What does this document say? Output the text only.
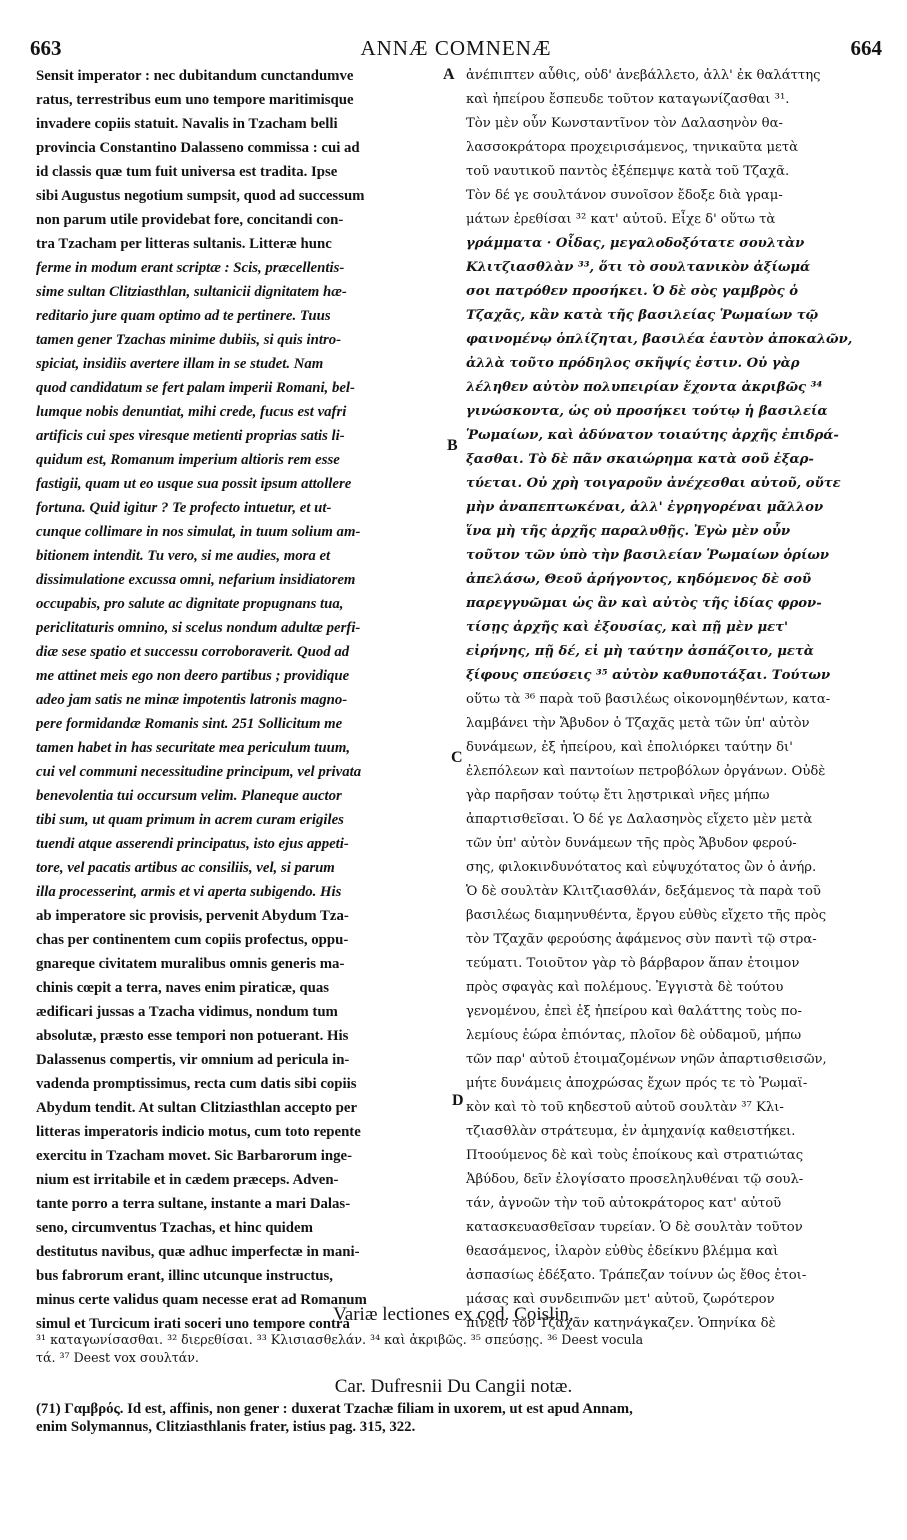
663	ANNÆ COMNENÆ	664
Sensit imperator : nec dubitandum cunctandumve
ratus, terrestribus eum uno tempore maritimisque
invadere copiis statuit. Navalis in Tzacham belli
provincia Constantino Dalasseno commissa : cui ad
id classis quæ tum fuit universa est tradita. Ipse
sibi Augustus negotium sumpsit, quod ad successum
non parum utile providebat fore, concitandi con-
tra Tzacham per litteras sultanis. Litteræ hunc
ferme in modum erant scriptæ : Scis, præcellentis-
sime sultan Clitziasthlan, sultanicii dignitatem hæ-
reditario jure quam optimo ad te pertinere. Tuus
tamen gener Tzachas minime dubiis, si quis intro-
spiciat, insidiis avertere illam in se studet. Nam
quod candidatum se fert palam imperii Romani, bel-
lumque nobis denuntiat, mihi crede, fucus est vafri
artificis cui spes viresque metienti proprias satis li-
quidum est, Romanum imperium altioris rem esse
fastigii, quam ut eo usque sua possit ipsum attollere
fortuna. Quid igitur ? Te profecto intuetur, et ut-
cunque collimare in nos simulat, in tuum solium am-
bitionem intendit. Tu vero, si me audies, mora et
dissimulatione excussa omni, nefarium insidiatorem
occupabis, pro salute ac dignitate propugnans tua,
periclitaturis omnino, si scelus nondum adultæ perfi-
diæ sese spatio et successu corroboraverit. Quod ad
me attinet meis ego non deero partibus ; providique
adeo jam satis ne minæ impotentis latronis magno-
pere formidandæ Romanis sint. 251 Sollicitum me
tamen habet in has securitate mea periculum tuum,
cui vel communi necessitudine principum, vel privata
benevolentia tui occursum velim. Planeque auctor
tibi sum, ut quam primum in acrem curam erigiles
tuendi atque asserendi principatus, isto ejus appeti-
tore, vel pacatis artibus ac consiliis, vel, si parum
illa processerint, armis et vi aperta subigendo. His
ab imperatore sic provisis, pervenit Abydum Tza-
chas per continentem cum copiis profectus, oppu-
gnareque civitatem muralibus omnis generis ma-
chinis cœpit a terra, naves enim piraticæ, quas
ædificari jussas a Tzacha vidimus, nondum tum
absolutæ, præsto esse tempori non potuerant. His
Dalassenus compertis, vir omnium ad pericula in-
vadenda promptissimus, recta cum datis sibi copiis
Abydum tendit. At sultan Clitziasthlan accepto per
litteras imperatoris indicio motus, cum toto repente
exercitu in Tzacham movet. Sic Barbarorum inge-
nium est irritabile et in cædem præceps. Adven-
tante porro a terra sultane, instante a mari Dalas-
seno, circumventus Tzachas, et hinc quidem
destitutus navibus, quæ adhuc imperfectæ in mani-
bus fabrorum erant, illinc utcunque instructus,
minus certe validus quam necesse erat ad Romanum
simul et Turcicum irati soceri uno tempore contra
ἀνέπιπτεν αὖθις, οὐδ' ἀνεβάλλετο, ἀλλ' ἐκ θαλάττης
καὶ ἠπείρου ἔσπευδε τοῦτον καταγωνίζασθαι ³¹.
Τὸν μὲν οὖν Κωνσταντῖνον τὸν Δαλασηνὸν θα-
λασσοκράτορα προχειρισάμενος, τηνικαῦτα μετὰ
τοῦ ναυτικοῦ παντὸς ἐξέπεμψε κατὰ τοῦ Τζαχᾶ.
Τὸν δέ γε σουλτάνον συνοῖσον ἔδοξε διὰ γραμ-
μάτων ἐρεθίσαι ³² κατ' αὐτοῦ. Εἶχε δ' οὕτω τὰ
γράμματα · Οἶδας, μεγαλοδοξότατε σουλτὰν
Κλιτζιασθλὰν ³³, ὅτι τὸ σουλτανικὸν ἀξίωμά
σοι πατρόθεν προσήκει. Ὁ δὲ σὸς γαμβρὸς ὁ
Τζαχᾶς, κἂν κατὰ τῆς βασιλείας Ῥωμαίων τῷ
φαινομένῳ ὁπλίζηται, βασιλέα ἑαυτὸν ἀποκαλῶν,
ἀλλὰ τοῦτο πρόδηλος σκῆψίς ἐστιν. Οὐ γὰρ
λέληθεν αὐτὸν πολυπειρίαν ἔχοντα ἀκριβῶς ³⁴
γινώσκοντα, ὡς οὐ προσήκει τούτῳ ἡ βασιλεία
Ῥωμαίων, καὶ ἀδύνατον τοιαύτης ἀρχῆς ἐπιδρά-
ξασθαι. Τὸ δὲ πᾶν σκαιώρημα κατὰ σοῦ ἐξαρ-
τύεται. Οὐ χρὴ τοιγαροῦν ἀνέχεσθαι αὐτοῦ, οὔτε
μὴν ἀναπεπτωκέναι, ἀλλ' ἐγρηγορέναι μᾶλλον
ἵνα μὴ τῆς ἀρχῆς παραλυθῇς. Ἐγὼ μὲν οὖν
τοῦτον τῶν ὑπὸ τὴν βασιλείαν Ῥωμαίων ὁρίων
ἀπελάσω, Θεοῦ ἀρήγοντος, κηδόμενος δὲ σοῦ
παρεγγυῶμαι ὡς ἂν καὶ αὐτὸς τῆς ἰδίας φρον-
τίσῃς ἀρχῆς καὶ ἐξουσίας, καὶ πῇ μὲν μετ'
εἰρήνης, πῇ δέ, εἰ μὴ ταύτην ἀσπάζοιτο, μετὰ
ξίφους σπεύσεις ³⁵ αὐτὸν καθυποτάξαι. Τούτων
οὕτω τὰ ³⁶ παρὰ τοῦ βασιλέως οἰκονομηθέντων, κατα-
λαμβάνει τὴν Ἄβυδον ὁ Τζαχᾶς μετὰ τῶν ὑπ' αὐτὸν
δυνάμεων, ἐξ ἠπείρου, καὶ ἐπολιόρκει ταύτην δι'
ἐλεπόλεων καὶ παντοίων πετροβόλων ὀργάνων. Οὐδὲ
γὰρ παρῆσαν τούτῳ ἔτι λῃστρικαὶ νῆες μήπω
ἀπαρτισθεῖσαι. Ὁ δέ γε Δαλασηνὸς εἴχετο μὲν μετὰ
τῶν ὑπ' αὐτὸν δυνάμεων τῆς πρὸς Ἄβυδον φερού-
σης, φιλοκινδυνότατος καὶ εὐψυχότατος ὢν ὁ ἀνήρ.
Ὁ δὲ σουλτὰν Κλιτζιασθλάν, δεξάμενος τὰ παρὰ τοῦ
βασιλέως διαμηνυθέντα, ἔργου εὐθὺς εἴχετο τῆς πρὸς
τὸν Τζαχᾶν φερούσης ἀφάμενος σὺν παντὶ τῷ στρα-
τεύματι. Τοιοῦτον γὰρ τὸ βάρβαρον ἅπαν ἑτοιμον
πρὸς σφαγὰς καὶ πολέμους. Ἐγγιστὰ δὲ τούτου
γενομένου, ἐπεὶ ἐξ ἠπείρου καὶ θαλάττης τοὺς πο-
λεμίους ἑώρα ἐπιόντας, πλοῖον δὲ οὐδαμοῦ, μήπω
τῶν παρ' αὐτοῦ ἑτοιμαζομένων νηῶν ἀπαρτισθεισῶν,
μήτε δυνάμεις ἀποχρώσας ἔχων πρός τε τὸ Ῥωμαϊ-
κὸν καὶ τὸ τοῦ κηδεστοῦ αὐτοῦ σουλτὰν ³⁷ Κλι-
τζιασθλὰν στράτευμα, ἐν ἀμηχανίᾳ καθειστήκει.
Πτοούμενος δὲ καὶ τοὺς ἐποίκους καὶ στρατιώτας
Ἀβύδου, δεῖν ἐλογίσατο προσεληλυθέναι τῷ σουλ-
τάν, ἀγνοῶν τὴν τοῦ αὐτοκράτορος κατ' αὐτοῦ
κατασκευασθεῖσαν τυρείαν. Ὁ δὲ σουλτὰν τοῦτον
θεασάμενος, ἱλαρὸν εὐθὺς ἐδείκνυ βλέμμα καὶ
ἀσπασίως ἐδέξατο. Τράπεζαν τοίνυν ὡς ἔθος ἑτοι-
μάσας καὶ συνδειπνῶν μετ' αὐτοῦ, ζωρότερον
πίνειν τὸν Τζαχᾶν κατηνάγκαζεν. Ὁπηνίκα δὲ
A
B
C
D
Variæ lectiones ex cod. Coislin.
³¹ καταγωνίσασθαι. ³² διερεθίσαι. ³³ Κλισιασθελάν. ³⁴ καὶ ἀκριβῶς. ³⁵ σπεύσῃς. ³⁶ Deest vocula
τά. ³⁷ Deest vox σουλτάν.
Car. Dufresnii Du Cangii notæ.
(71) Γαμβρός. Id est, affinis, non gener : duxerat Tzachæ filiam in uxorem, ut est apud Annam,
enim Solymannus, Clitziasthlanis frater, istius pag. 315, 322.
